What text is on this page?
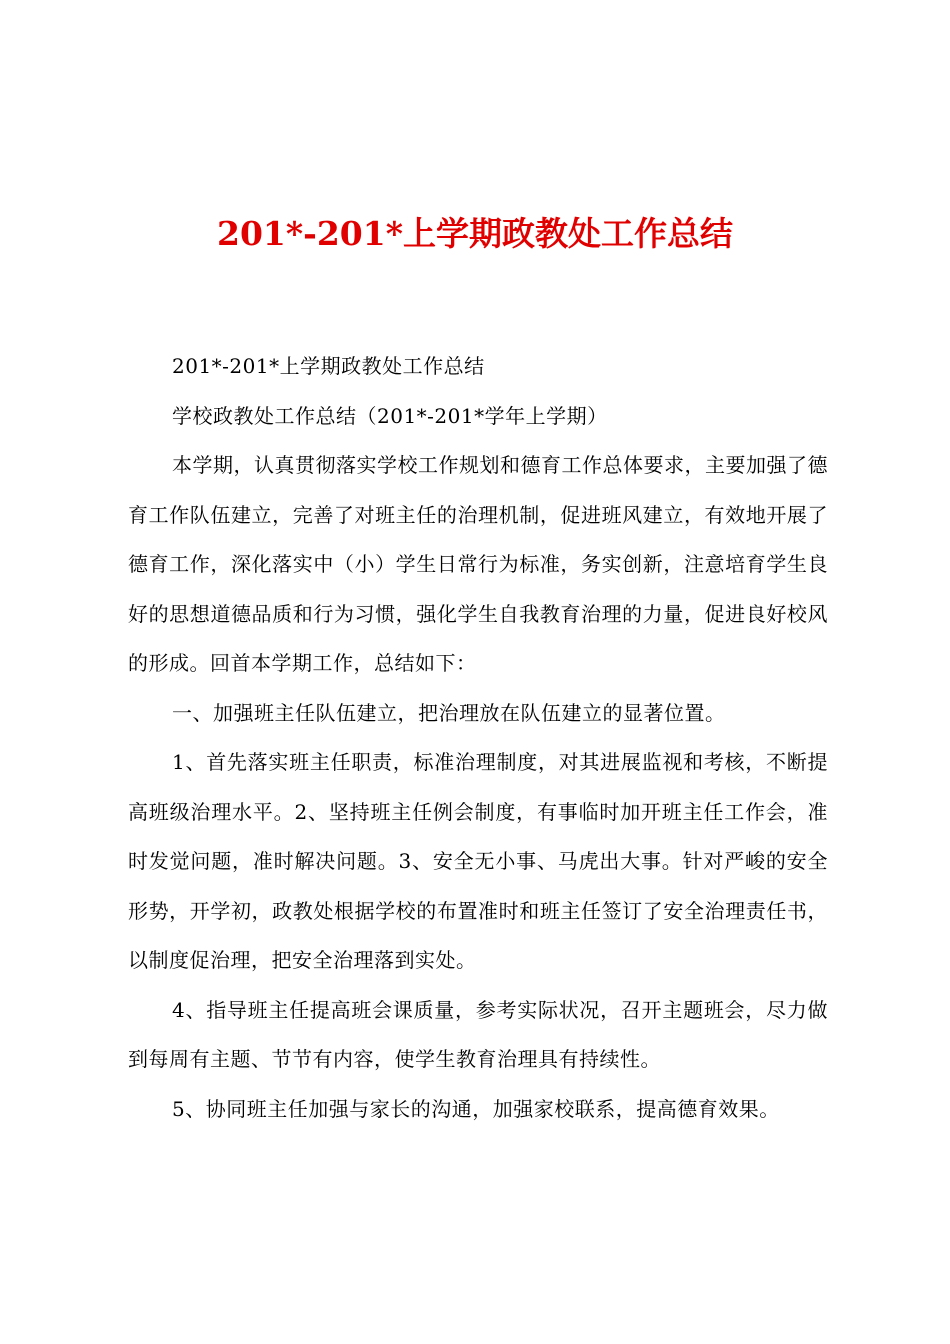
201*-201*上学期政教处工作总结

201*-201*上学期政教处工作总结

学校政教处工作总结（201*-201*学年上学期）

本学期，认真贯彻落实学校工作规划和德育工作总体要求，主要加强了德育工作队伍建立，完善了对班主任的治理机制，促进班风建立，有效地开展了德育工作，深化落实中（小）学生日常行为标准，务实创新，注意培育学生良好的思想道德品质和行为习惯，强化学生自我教育治理的力量，促进良好校风的形成。回首本学期工作，总结如下：

一、加强班主任队伍建立，把治理放在队伍建立的显著位置。

1、首先落实班主任职责，标准治理制度，对其进展监视和考核，不断提高班级治理水平。2、坚持班主任例会制度，有事临时加开班主任工作会，准时发觉问题，准时解决问题。3、安全无小事、马虎出大事。针对严峻的安全形势，开学初，政教处根据学校的布置准时和班主任签订了安全治理责任书，以制度促治理，把安全治理落到实处。

4、指导班主任提高班会课质量，参考实际状况，召开主题班会，尽力做到每周有主题、节节有内容，使学生教育治理具有持续性。

5、协同班主任加强与家长的沟通，加强家校联系，提高德育效果。
